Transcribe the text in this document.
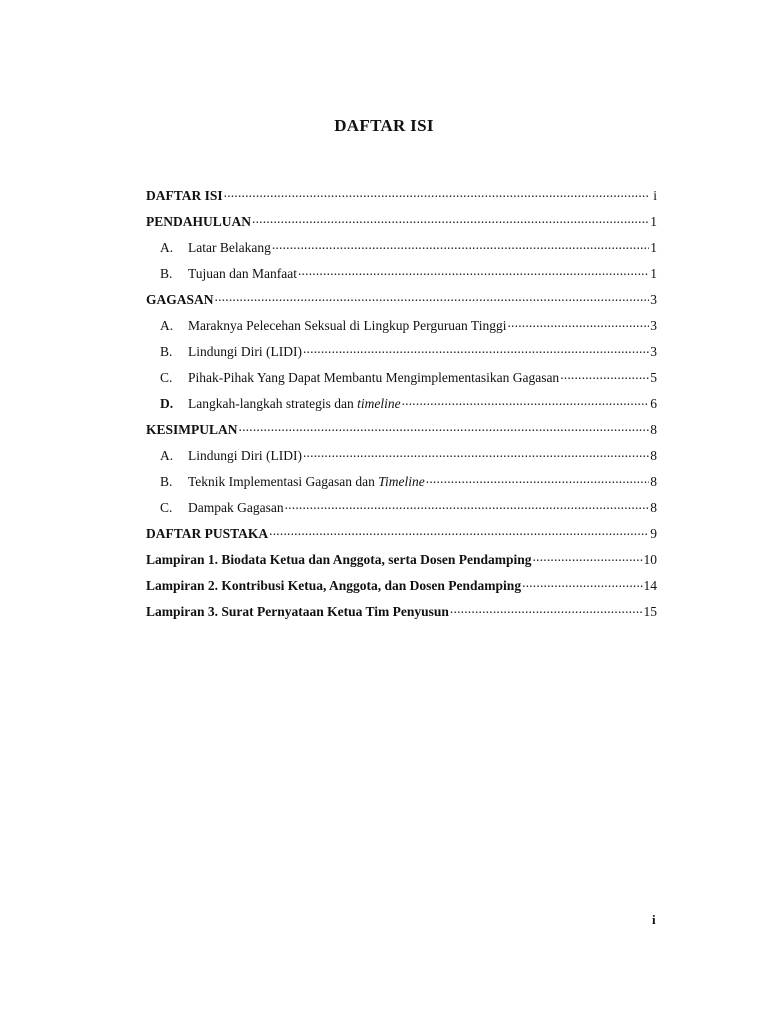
DAFTAR ISI
DAFTAR ISI .....	i
PENDAHULUAN .....	1
A.	Latar Belakang .....	1
B.	Tujuan dan Manfaat .....	1
GAGASAN .....	3
A.	Maraknya Pelecehan Seksual di Lingkup Perguruan Tinggi .....	3
B.	Lindungi Diri (LIDI) .....	3
C.	Pihak-Pihak Yang Dapat Membantu Mengimplementasikan Gagasan .....	5
D.	Langkah-langkah strategis dan timeline .....	6
KESIMPULAN .....	8
A.	Lindungi Diri (LIDI) .....	8
B.	Teknik Implementasi Gagasan dan Timeline .....	8
C.	Dampak Gagasan .....	8
DAFTAR PUSTAKA .....	9
Lampiran 1. Biodata Ketua dan Anggota, serta Dosen Pendamping .....	10
Lampiran 2. Kontribusi Ketua, Anggota, dan Dosen Pendamping .....	14
Lampiran 3. Surat Pernyataan Ketua Tim Penyusun .....	15
i
